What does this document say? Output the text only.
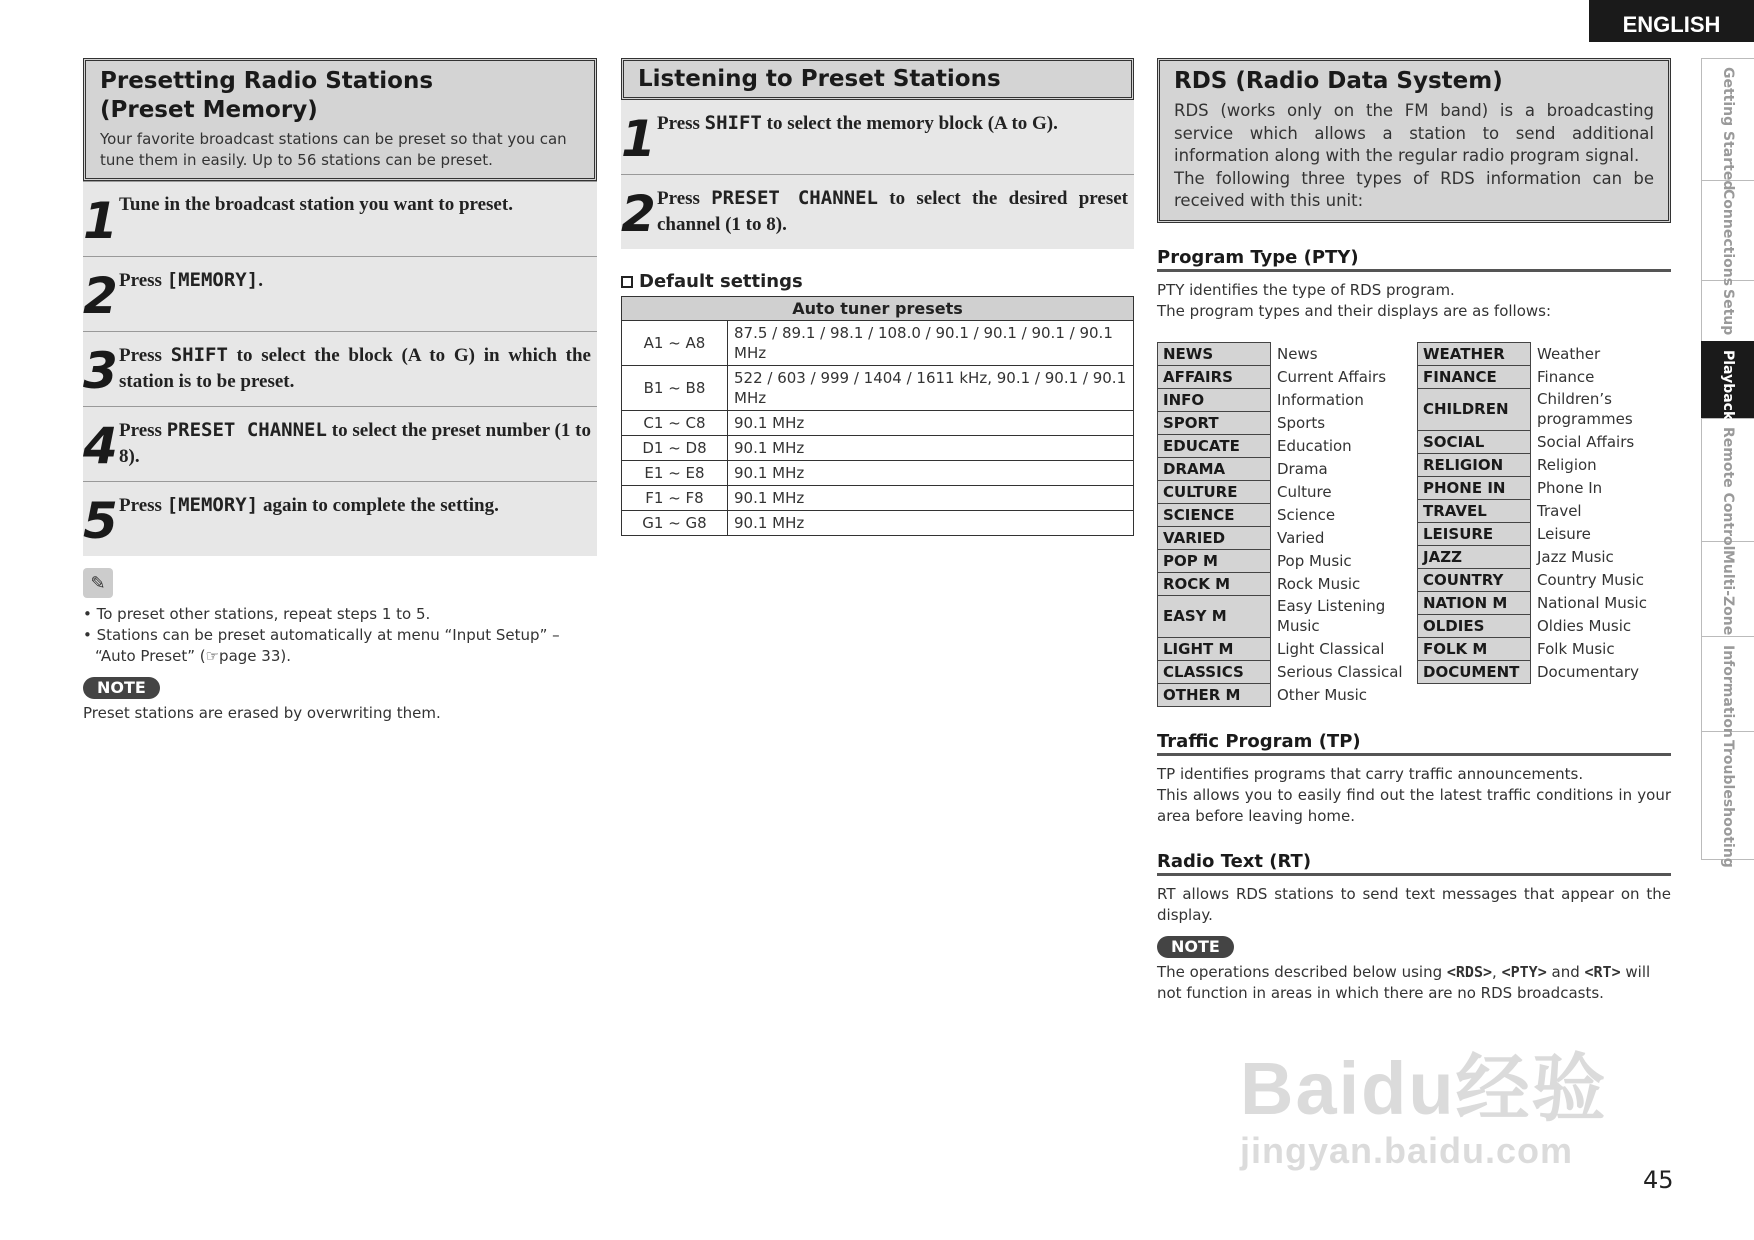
ENGLISH
Getting Started
Connections
Setup
Playback
Remote Control
Multi-Zone
Information
Troubleshooting
Presetting Radio Stations
(Preset Memory)

Your favorite broadcast stations can be preset so that you can tune them in easily. Up to 56 stations can be preset.

1 Tune in the broadcast station you want to preset.
2 Press [MEMORY].
3 Press SHIFT to select the block (A to G) in which the station is to be preset.
4 Press PRESET CHANNEL to select the preset number (1 to 8).
5 Press [MEMORY] again to complete the setting.
✎
• To preset other stations, repeat steps 1 to 5.
• Stations can be preset automatically at menu “Input Setup” – “Auto Preset” (☞page 33).
NOTE
Preset stations are erased by overwriting them.
Listening to Preset Stations
1 Press SHIFT to select the memory block (A to G).
2 Press PRESET CHANNEL to select the desired preset channel (1 to 8).
Default settings
Auto tuner presets	
A1 ~ A8	87.5 / 89.1 / 98.1 / 108.0 / 90.1 / 90.1 / 90.1 / 90.1 MHz
B1 ~ B8	522 / 603 / 999 / 1404 / 1611 kHz, 90.1 / 90.1 / 90.1 MHz
C1 ~ C8	90.1 MHz
D1 ~ D8	90.1 MHz
E1 ~ E8	90.1 MHz
F1 ~ F8	90.1 MHz
G1 ~ G8	90.1 MHz
RDS (Radio Data System)

RDS (works only on the FM band) is a broadcasting service which allows a station to send additional information along with the regular radio program signal.

The following three types of RDS information can be received with this unit:

Program Type (PTY)
PTY identifies the type of RDS program.
The program types and their displays are as follows:
NEWS	News
AFFAIRS	Current Affairs
INFO	Information
SPORT	Sports
EDUCATE	Education
DRAMA	Drama
CULTURE	Culture
SCIENCE	Science
VARIED	Varied
POP M	Pop Music
ROCK M	Rock Music
EASY M	Easy Listening Music
LIGHT M	Light Classical
CLASSICS	Serious Classical
OTHER M	Other Music
WEATHER	Weather
FINANCE	Finance
CHILDREN	Children’s programmes
SOCIAL	Social Affairs
RELIGION	Religion
PHONE IN	Phone In
TRAVEL	Travel
LEISURE	Leisure
JAZZ	Jazz Music
COUNTRY	Country Music
NATION M	National Music
OLDIES	Oldies Music
FOLK M	Folk Music
DOCUMENT	Documentary
Traffic Program (TP)
TP identifies programs that carry traffic announcements.
This allows you to easily find out the latest traffic conditions in your area before leaving home.
Radio Text (RT)
RT allows RDS stations to send text messages that appear on the display.
NOTE
The operations described below using <RDS>, <PTY> and <RT> will not function in areas in which there are no RDS broadcasts.
Baidu经验
jingyan.baidu.com
45
